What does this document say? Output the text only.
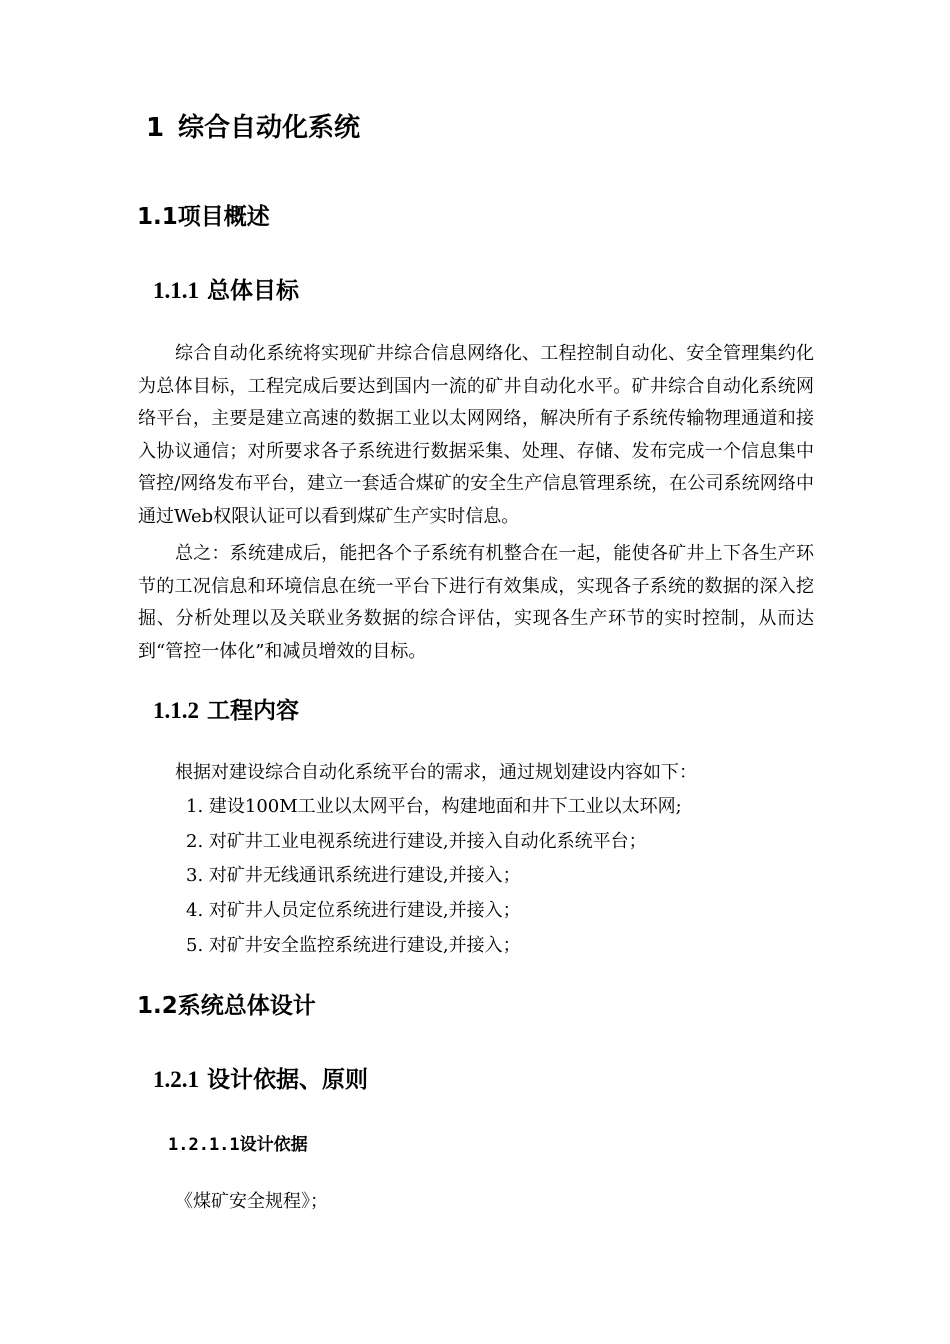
1 综合自动化系统
1.1项目概述
1.1.1 总体目标

综合自动化系统将实现矿井综合信息网络化、工程控制自动化、安全管理集约化为总体目标，工程完成后要达到国内一流的矿井自动化水平。矿井综合自动化系统网络平台，主要是建立高速的数据工业以太网网络，解决所有子系统传输物理通道和接入协议通信；对所要求各子系统进行数据采集、处理、存储、发布完成一个信息集中管控/网络发布平台，建立一套适合煤矿的安全生产信息管理系统，在公司系统网络中通过Web权限认证可以看到煤矿生产实时信息。

总之：系统建成后，能把各个子系统有机整合在一起，能使各矿井上下各生产环节的工况信息和环境信息在统一平台下进行有效集成，实现各子系统的数据的深入挖掘、分析处理以及关联业务数据的综合评估，实现各生产环节的实时控制，从而达到“管控一体化”和减员增效的目标。

1.1.2 工程内容
根据对建设综合自动化系统平台的需求，通过规划建设内容如下：
1. 建设100M工业以太网平台，构建地面和井下工业以太环网;
2. 对矿井工业电视系统进行建设,并接入自动化系统平台；
3. 对矿井无线通讯系统进行建设,并接入；
4. 对矿井人员定位系统进行建设,并接入；
5. 对矿井安全监控系统进行建设,并接入；
1.2系统总体设计
1.2.1 设计依据、原则
1.2.1.1设计依据
《煤矿安全规程》；
